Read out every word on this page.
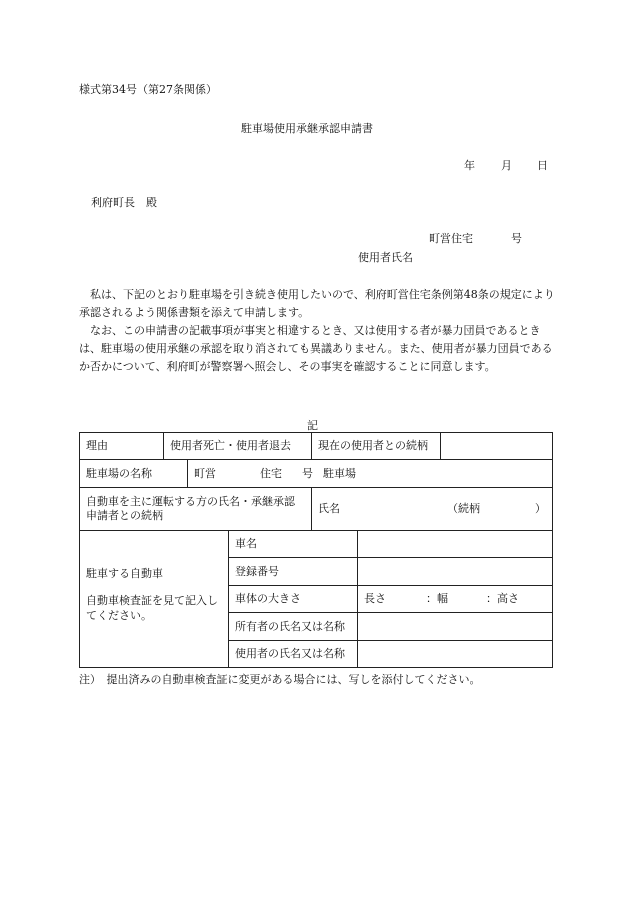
様式第34号（第27条関係）
駐車場使用承継承認申請書
年 月 日
利府町長　殿
町営住宅	号
使用者氏名
　私は、下記のとおり駐車場を引き続き使用したいので、利府町営住宅条例第48条の規定により承認されるよう関係書類を添えて申請します。
　なお、この申請書の記載事項が事実と相違するとき、又は使用する者が暴力団員であるときは、駐車場の使用承継の承認を取り消されても異議ありません。また、使用者が暴力団員であるか否かについて、利府町が警察署へ照会し、その事実を確認することに同意します。
記
理由	使用者死亡・使用者退去			現在の使用者との続柄		
駐車場の名称		町営 住宅 号 駐車場				
自動車を主に運転する方の氏名・承継承認申請者との続柄				氏名 （続柄　　　　　）		

駐車する自動車
自動車検査証を見て記入してください。			車名			
			登録番号			
			車体の大きさ		長さ ：幅 ：高さ	
			所有者の氏名又は名称			
			使用者の氏名又は名称			
注）　提出済みの自動車検査証に変更がある場合には、写しを添付してください。
